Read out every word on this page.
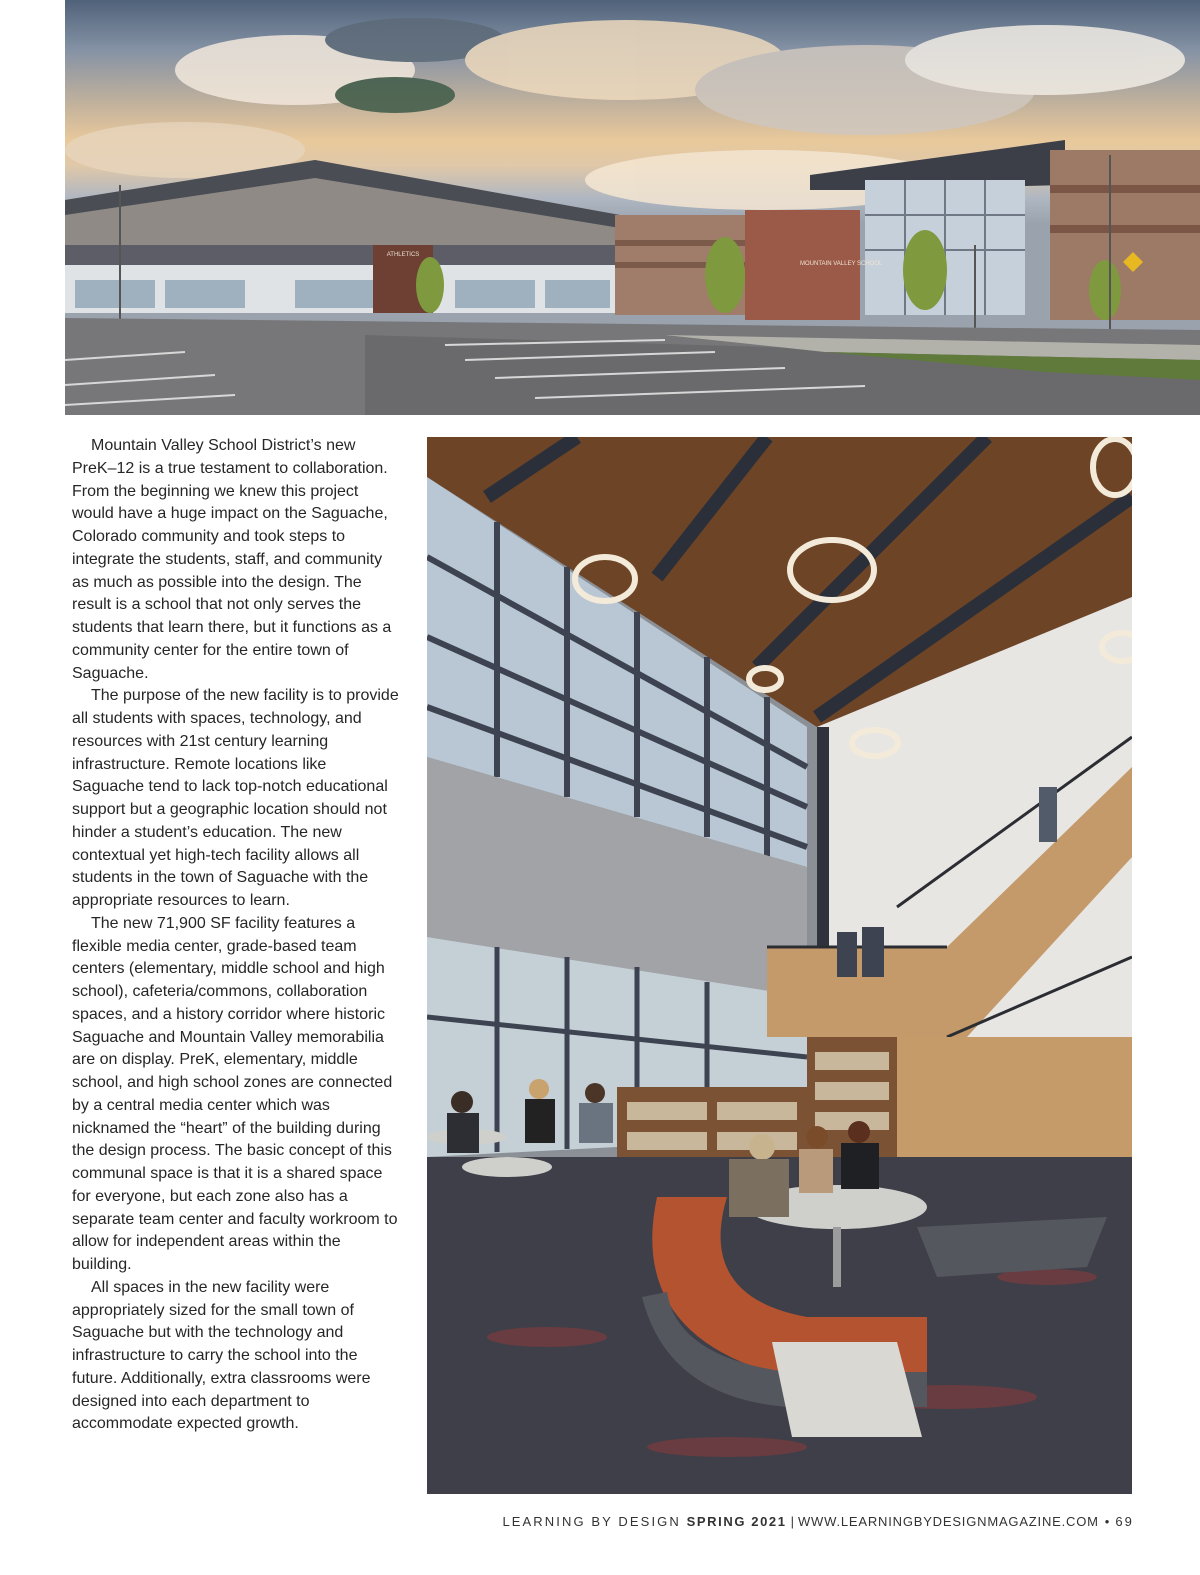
ATHLETICS
MOUNTAIN VALLEY SCHOOL

Mountain Valley School District’s new PreK–12 is a true testament to collaboration. From the beginning we knew this project would have a huge impact on the Saguache, Colorado community and took steps to integrate the students, staff, and community as much as possible into the design. The result is a school that not only serves the students that learn there, but it functions as a community center for the entire town of Saguache.

The purpose of the new facility is to provide all students with spaces, technology, and resources with 21st century learning infrastructure. Remote locations like Saguache tend to lack top-notch educational support but a geographic location should not hinder a student’s education. The new contextual yet high-tech facility allows all students in the town of Saguache with the appropriate resources to learn.

The new 71,900 SF facility features a flexible media center, grade-based team centers (elementary, middle school and high school), cafeteria/commons, collaboration spaces, and a history corridor where historic Saguache and Mountain Valley memorabilia are on display. PreK, elementary, middle school, and high school zones are connected by a central media center which was nicknamed the “heart” of the building during the design process. The basic concept of this communal space is that it is a shared space for everyone, but each zone also has a separate team center and faculty workroom to allow for independent areas within the building.

All spaces in the new facility were appropriately sized for the small town of Saguache but with the technology and infrastructure to carry the school into the future. Additionally, extra classrooms were designed into each department to accommodate expected growth.

LEARNING BY DESIGN SPRING 2021 | WWW.LEARNINGBYDESIGNMAGAZINE.COM • 69
